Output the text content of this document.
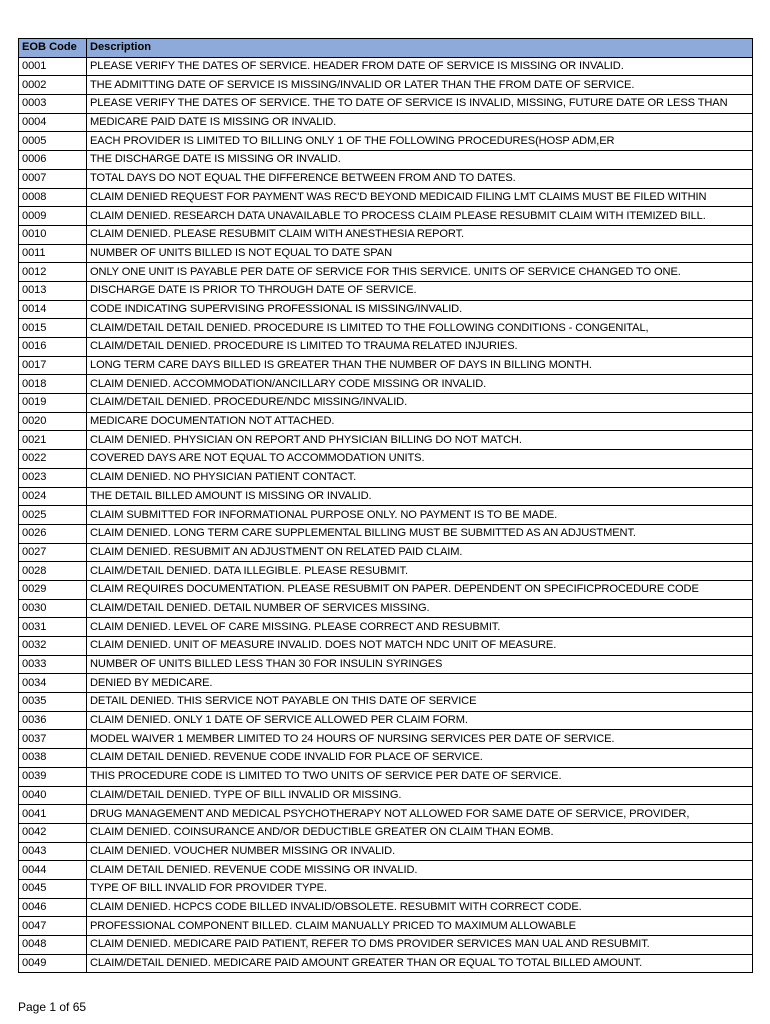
EOB Code	Description
0001	PLEASE VERIFY THE DATES OF SERVICE. HEADER FROM DATE OF SERVICE IS MISSING OR INVALID.
0002	THE ADMITTING DATE OF SERVICE IS MISSING/INVALID OR LATER THAN THE FROM DATE OF SERVICE.
0003	PLEASE VERIFY THE DATES OF SERVICE. THE TO DATE OF SERVICE IS INVALID, MISSING, FUTURE DATE OR LESS THAN
0004	MEDICARE PAID DATE IS MISSING OR INVALID.
0005	EACH PROVIDER IS LIMITED TO BILLING ONLY 1 OF THE FOLLOWING PROCEDURES(HOSP ADM,ER
0006	THE DISCHARGE DATE IS MISSING OR INVALID.
0007	TOTAL DAYS DO NOT EQUAL THE DIFFERENCE BETWEEN FROM AND TO DATES.
0008	CLAIM DENIED REQUEST FOR PAYMENT WAS REC'D BEYOND MEDICAID FILING LMT CLAIMS MUST BE FILED WITHIN
0009	CLAIM DENIED. RESEARCH DATA UNAVAILABLE TO PROCESS CLAIM PLEASE RESUBMIT CLAIM WITH ITEMIZED BILL.
0010	CLAIM DENIED. PLEASE RESUBMIT CLAIM WITH ANESTHESIA REPORT.
0011	NUMBER OF UNITS BILLED IS NOT EQUAL TO DATE SPAN
0012	ONLY ONE UNIT IS PAYABLE PER DATE OF SERVICE FOR THIS SERVICE. UNITS OF SERVICE CHANGED TO ONE.
0013	DISCHARGE DATE IS PRIOR TO THROUGH DATE OF SERVICE.
0014	CODE INDICATING SUPERVISING PROFESSIONAL IS MISSING/INVALID.
0015	CLAIM/DETAIL DETAIL DENIED. PROCEDURE IS LIMITED TO THE FOLLOWING CONDITIONS - CONGENITAL,
0016	CLAIM/DETAIL DENIED. PROCEDURE IS LIMITED TO TRAUMA RELATED INJURIES.
0017	LONG TERM CARE DAYS BILLED IS GREATER THAN THE NUMBER OF DAYS IN BILLING MONTH.
0018	CLAIM DENIED. ACCOMMODATION/ANCILLARY CODE MISSING OR INVALID.
0019	CLAIM/DETAIL DENIED. PROCEDURE/NDC MISSING/INVALID.
0020	MEDICARE DOCUMENTATION NOT ATTACHED.
0021	CLAIM DENIED. PHYSICIAN ON REPORT AND PHYSICIAN BILLING DO NOT MATCH.
0022	COVERED DAYS ARE NOT EQUAL TO ACCOMMODATION UNITS.
0023	CLAIM DENIED. NO PHYSICIAN PATIENT CONTACT.
0024	THE DETAIL BILLED AMOUNT IS MISSING OR INVALID.
0025	CLAIM SUBMITTED FOR INFORMATIONAL PURPOSE ONLY. NO PAYMENT IS TO BE MADE.
0026	CLAIM DENIED. LONG TERM CARE SUPPLEMENTAL BILLING MUST BE SUBMITTED AS AN ADJUSTMENT.
0027	CLAIM DENIED. RESUBMIT AN ADJUSTMENT ON RELATED PAID CLAIM.
0028	CLAIM/DETAIL DENIED. DATA ILLEGIBLE. PLEASE RESUBMIT.
0029	CLAIM REQUIRES DOCUMENTATION. PLEASE RESUBMIT ON PAPER. DEPENDENT ON SPECIFICPROCEDURE CODE
0030	CLAIM/DETAIL DENIED. DETAIL NUMBER OF SERVICES MISSING.
0031	CLAIM DENIED. LEVEL OF CARE MISSING. PLEASE CORRECT AND RESUBMIT.
0032	CLAIM DENIED. UNIT OF MEASURE INVALID. DOES NOT MATCH NDC UNIT OF MEASURE.
0033	NUMBER OF UNITS BILLED LESS THAN 30 FOR INSULIN SYRINGES
0034	DENIED BY MEDICARE.
0035	DETAIL DENIED. THIS SERVICE NOT PAYABLE ON THIS DATE OF SERVICE
0036	CLAIM DENIED. ONLY 1 DATE OF SERVICE ALLOWED PER CLAIM FORM.
0037	MODEL WAIVER 1 MEMBER LIMITED TO 24 HOURS OF NURSING SERVICES PER DATE OF SERVICE.
0038	CLAIM DETAIL DENIED. REVENUE CODE INVALID FOR PLACE OF SERVICE.
0039	THIS PROCEDURE CODE IS LIMITED TO TWO UNITS OF SERVICE PER DATE OF SERVICE.
0040	CLAIM/DETAIL DENIED. TYPE OF BILL INVALID OR MISSING.
0041	DRUG MANAGEMENT AND MEDICAL PSYCHOTHERAPY NOT ALLOWED FOR SAME DATE OF SERVICE, PROVIDER,
0042	CLAIM DENIED. COINSURANCE AND/OR DEDUCTIBLE GREATER ON CLAIM THAN EOMB.
0043	CLAIM DENIED. VOUCHER NUMBER MISSING OR INVALID.
0044	CLAIM DETAIL DENIED. REVENUE CODE MISSING OR INVALID.
0045	TYPE OF BILL INVALID FOR PROVIDER TYPE.
0046	CLAIM DENIED. HCPCS CODE BILLED INVALID/OBSOLETE. RESUBMIT WITH CORRECT CODE.
0047	PROFESSIONAL COMPONENT BILLED. CLAIM MANUALLY PRICED TO MAXIMUM ALLOWABLE
0048	CLAIM DENIED. MEDICARE PAID PATIENT, REFER TO DMS PROVIDER SERVICES MAN UAL AND RESUBMIT.
0049	CLAIM/DETAIL DENIED. MEDICARE PAID AMOUNT GREATER THAN OR EQUAL TO TOTAL BILLED AMOUNT.
Page 1 of 65
